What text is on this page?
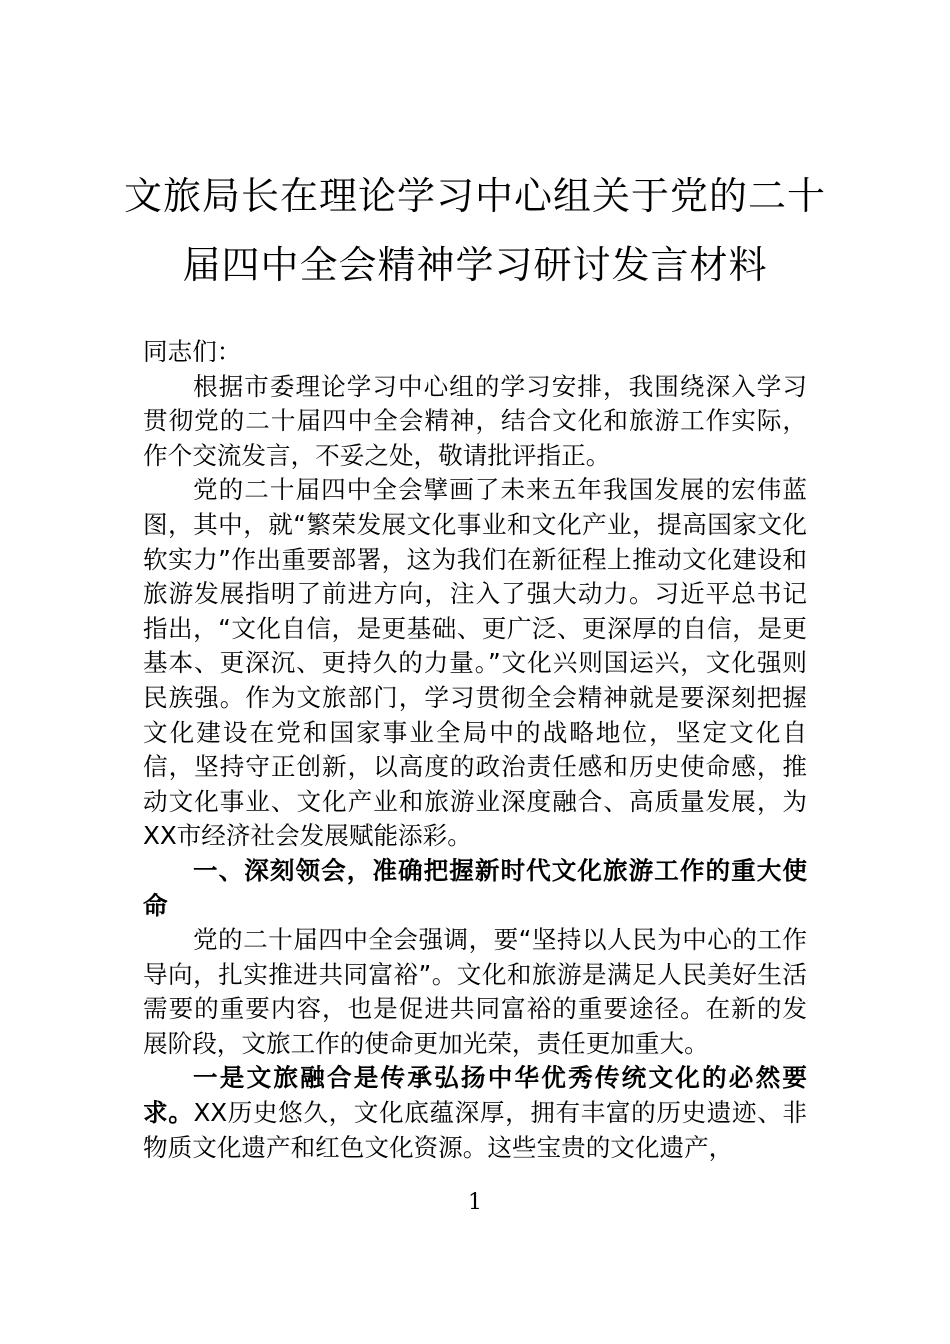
文旅局长在理论学习中心组关于党的二十
届四中全会精神学习研讨发言材料

同志们：

根据市委理论学习中心组的学习安排，我围绕深入学习贯彻党的二十届四中全会精神，结合文化和旅游工作实际，作个交流发言，不妥之处，敬请批评指正。

党的二十届四中全会擘画了未来五年我国发展的宏伟蓝图，其中，就“繁荣发展文化事业和文化产业，提高国家文化软实力”作出重要部署，这为我们在新征程上推动文化建设和旅游发展指明了前进方向，注入了强大动力。习近平总书记指出，“文化自信，是更基础、更广泛、更深厚的自信，是更基本、更深沉、更持久的力量。”文化兴则国运兴，文化强则民族强。作为文旅部门，学习贯彻全会精神就是要深刻把握文化建设在党和国家事业全局中的战略地位，坚定文化自信，坚持守正创新，以高度的政治责任感和历史使命感，推动文化事业、文化产业和旅游业深度融合、高质量发展，为XX市经济社会发展赋能添彩。

一、深刻领会，准确把握新时代文化旅游工作的重大使命

党的二十届四中全会强调，要“坚持以人民为中心的工作导向，扎实推进共同富裕”。文化和旅游是满足人民美好生活需要的重要内容，也是促进共同富裕的重要途径。在新的发展阶段，文旅工作的使命更加光荣，责任更加重大。

一是文旅融合是传承弘扬中华优秀传统文化的必然要求。XX历史悠久，文化底蕴深厚，拥有丰富的历史遗迹、非物质文化遗产和红色文化资源。这些宝贵的文化遗产，

1
